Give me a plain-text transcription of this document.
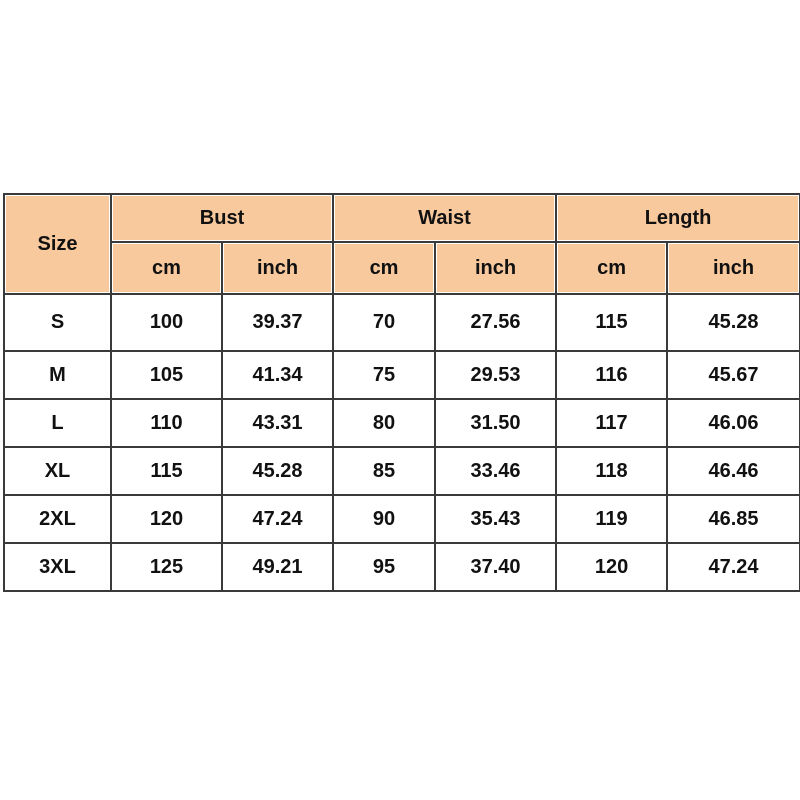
Size	Bust		Waist		Length	
	cm	inch	cm	inch	cm	inch
S	100	39.37	70	27.56	115	45.28
M	105	41.34	75	29.53	116	45.67
L	110	43.31	80	31.50	117	46.06
XL	115	45.28	85	33.46	118	46.46
2XL	120	47.24	90	35.43	119	46.85
3XL	125	49.21	95	37.40	120	47.24
